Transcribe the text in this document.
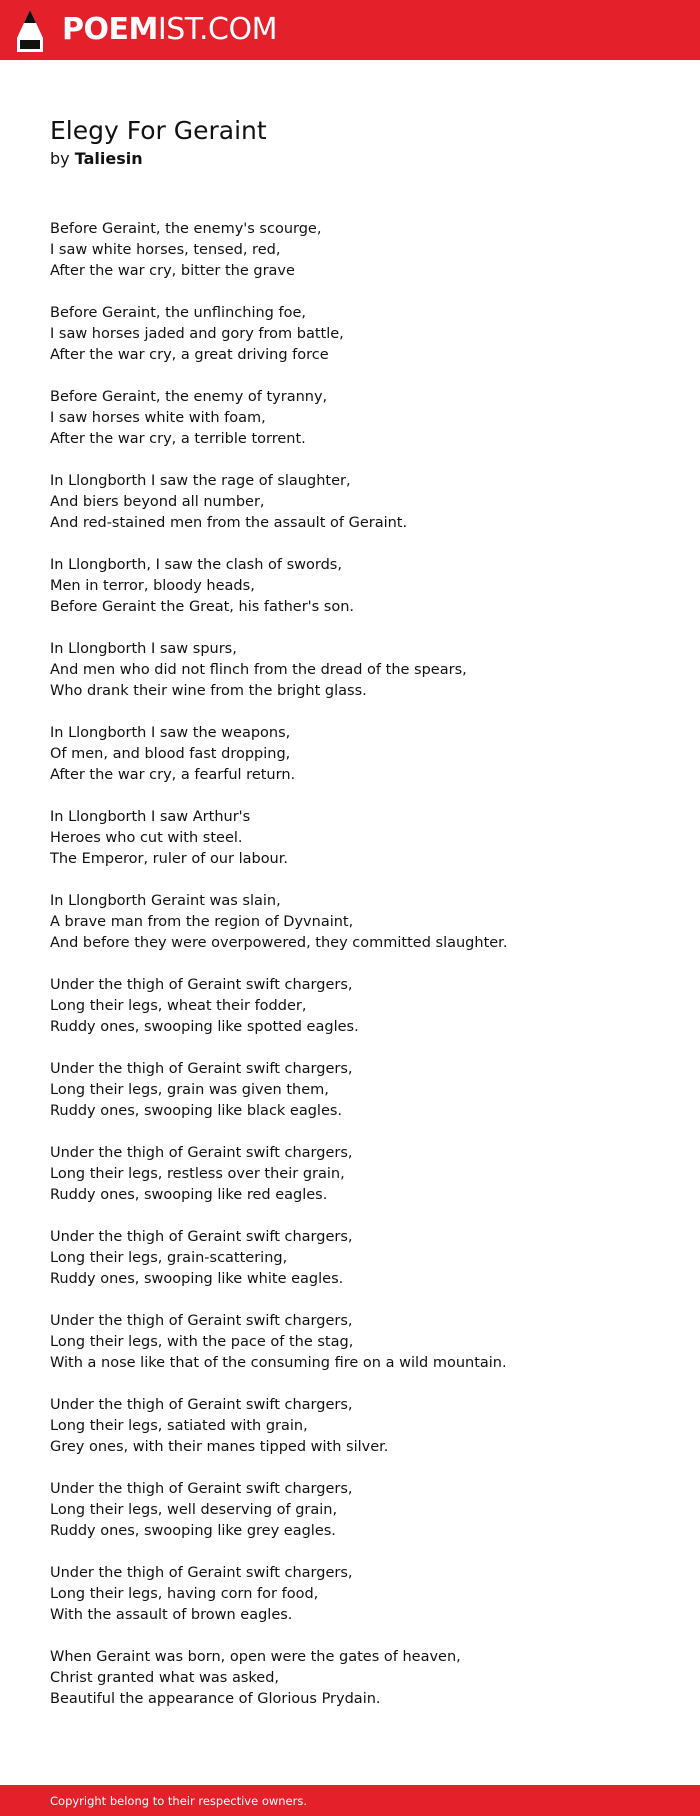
POEMIST.COM
Elegy For Geraint
by Taliesin
Before Geraint, the enemy's scourge,
I saw white horses, tensed, red,
After the war cry, bitter the grave
Before Geraint, the unflinching foe,
I saw horses jaded and gory from battle,
After the war cry, a great driving force
Before Geraint, the enemy of tyranny,
I saw horses white with foam,
After the war cry, a terrible torrent.
In Llongborth I saw the rage of slaughter,
And biers beyond all number,
And red-stained men from the assault of Geraint.
In Llongborth, I saw the clash of swords,
Men in terror, bloody heads,
Before Geraint the Great, his father's son.
In Llongborth I saw spurs,
And men who did not flinch from the dread of the spears,
Who drank their wine from the bright glass.
In Llongborth I saw the weapons,
Of men, and blood fast dropping,
After the war cry, a fearful return.
In Llongborth I saw Arthur's
Heroes who cut with steel.
The Emperor, ruler of our labour.
In Llongborth Geraint was slain,
A brave man from the region of Dyvnaint,
And before they were overpowered, they committed slaughter.
Under the thigh of Geraint swift chargers,
Long their legs, wheat their fodder,
Ruddy ones, swooping like spotted eagles.
Under the thigh of Geraint swift chargers,
Long their legs, grain was given them,
Ruddy ones, swooping like black eagles.
Under the thigh of Geraint swift chargers,
Long their legs, restless over their grain,
Ruddy ones, swooping like red eagles.
Under the thigh of Geraint swift chargers,
Long their legs, grain-scattering,
Ruddy ones, swooping like white eagles.
Under the thigh of Geraint swift chargers,
Long their legs, with the pace of the stag,
With a nose like that of the consuming fire on a wild mountain.
Under the thigh of Geraint swift chargers,
Long their legs, satiated with grain,
Grey ones, with their manes tipped with silver.
Under the thigh of Geraint swift chargers,
Long their legs, well deserving of grain,
Ruddy ones, swooping like grey eagles.
Under the thigh of Geraint swift chargers,
Long their legs, having corn for food,
With the assault of brown eagles.
When Geraint was born, open were the gates of heaven,
Christ granted what was asked,
Beautiful the appearance of Glorious Prydain.
Copyright belong to their respective owners.
